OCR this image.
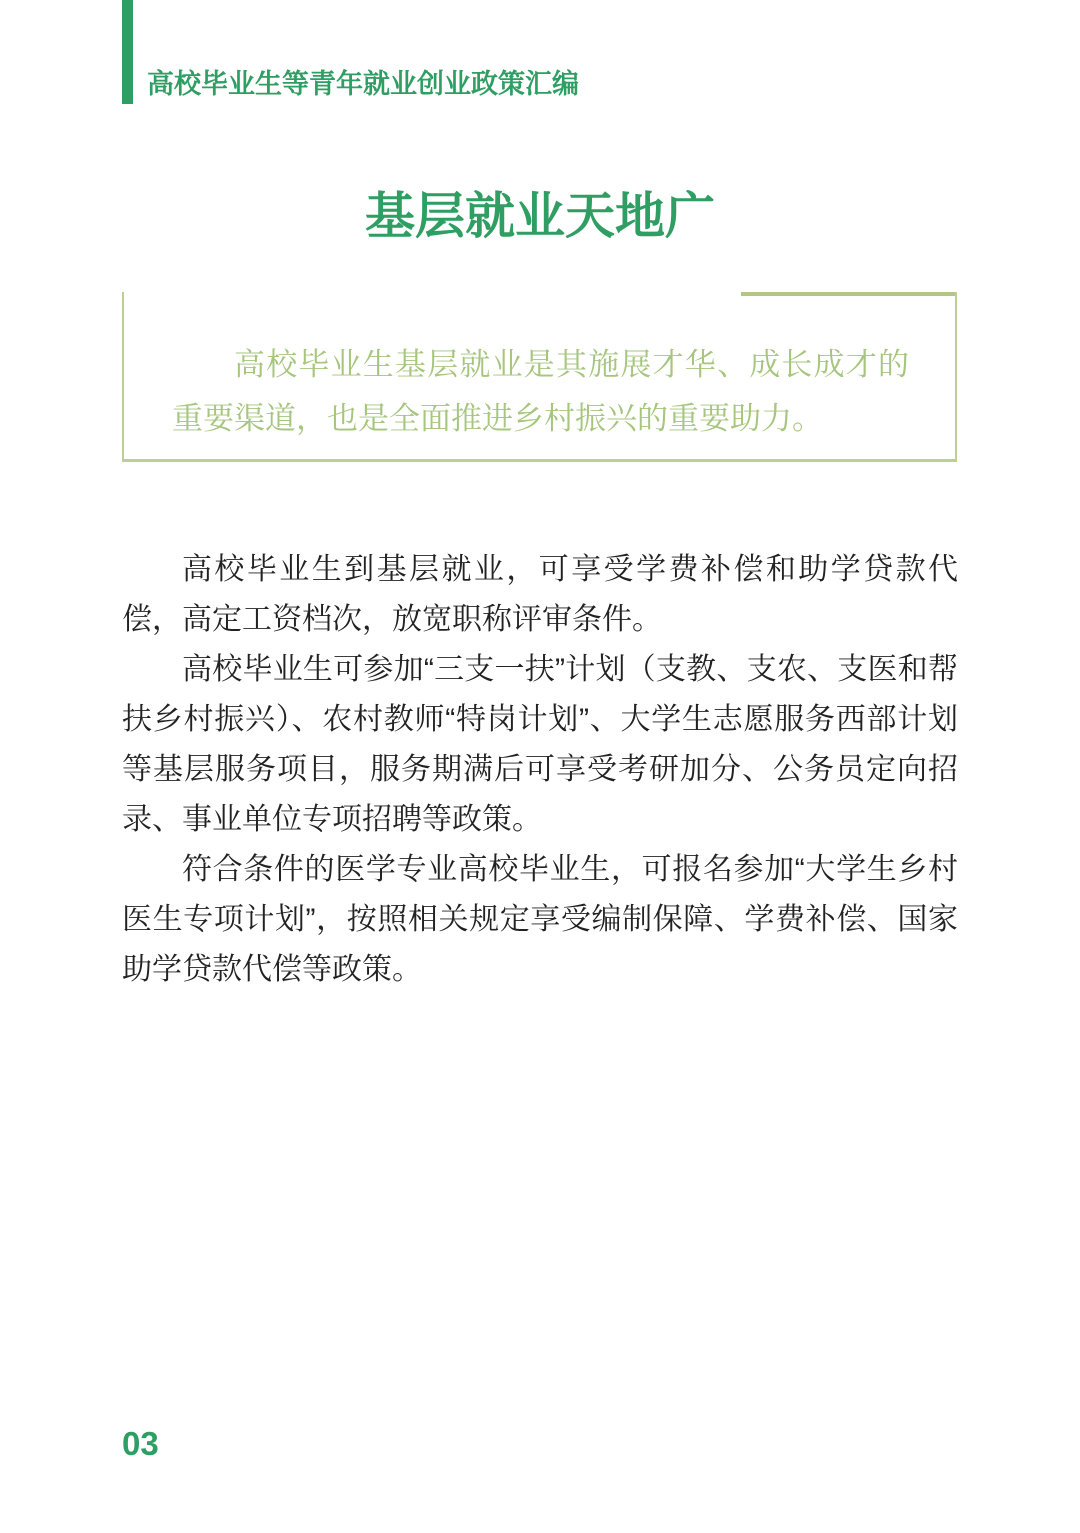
高校毕业生等青年就业创业政策汇编
基层就业天地广

高校毕业生基层就业是其施展才华、成长成才的重要渠道，也是全面推进乡村振兴的重要助力。

高校毕业生到基层就业，可享受学费补偿和助学贷款代偿，高定工资档次，放宽职称评审条件。

高校毕业生可参加“三支一扶”计划（支教、支农、支医和帮扶乡村振兴）、农村教师“特岗计划”、大学生志愿服务西部计划等基层服务项目，服务期满后可享受考研加分、公务员定向招录、事业单位专项招聘等政策。

符合条件的医学专业高校毕业生，可报名参加“大学生乡村医生专项计划”，按照相关规定享受编制保障、学费补偿、国家助学贷款代偿等政策。

03
